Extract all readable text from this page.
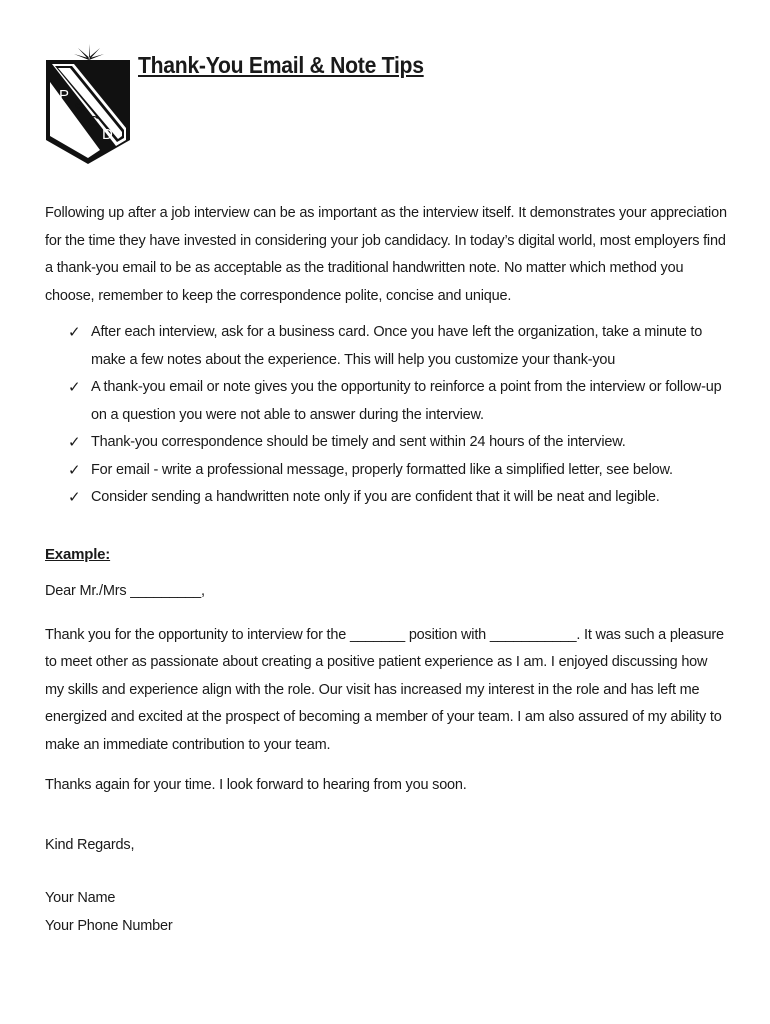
P
S
C
D
Thank-You Email & Note Tips

Following up after a job interview can be as important as the interview itself. It demonstrates your appreciation for the time they have invested in considering your job candidacy. In today’s digital world, most employers find a thank-you email to be as acceptable as the traditional handwritten note. No matter which method you choose, remember to keep the correspondence polite, concise and unique.

✓ After each interview, ask for a business card. Once you have left the organization, take a minute to make a few notes about the experience. This will help you customize your thank-you
✓ A thank-you email or note gives you the opportunity to reinforce a point from the interview or follow-up on a question you were not able to answer during the interview.
✓ Thank-you correspondence should be timely and sent within 24 hours of the interview.
✓ For email - write a professional message, properly formatted like a simplified letter, see below.
✓ Consider sending a handwritten note only if you are confident that it will be neat and legible.

Example:

Dear Mr./Mrs _________,

Thank you for the opportunity to interview for the _______ position with ___________. It was such a pleasure to meet other as passionate about creating a positive patient experience as I am. I enjoyed discussing how my skills and experience align with the role. Our visit has increased my interest in the role and has left me energized and excited at the prospect of becoming a member of your team. I am also assured of my ability to make an immediate contribution to your team.

Thanks again for your time. I look forward to hearing from you soon.

Kind Regards,

Your Name

Your Phone Number
